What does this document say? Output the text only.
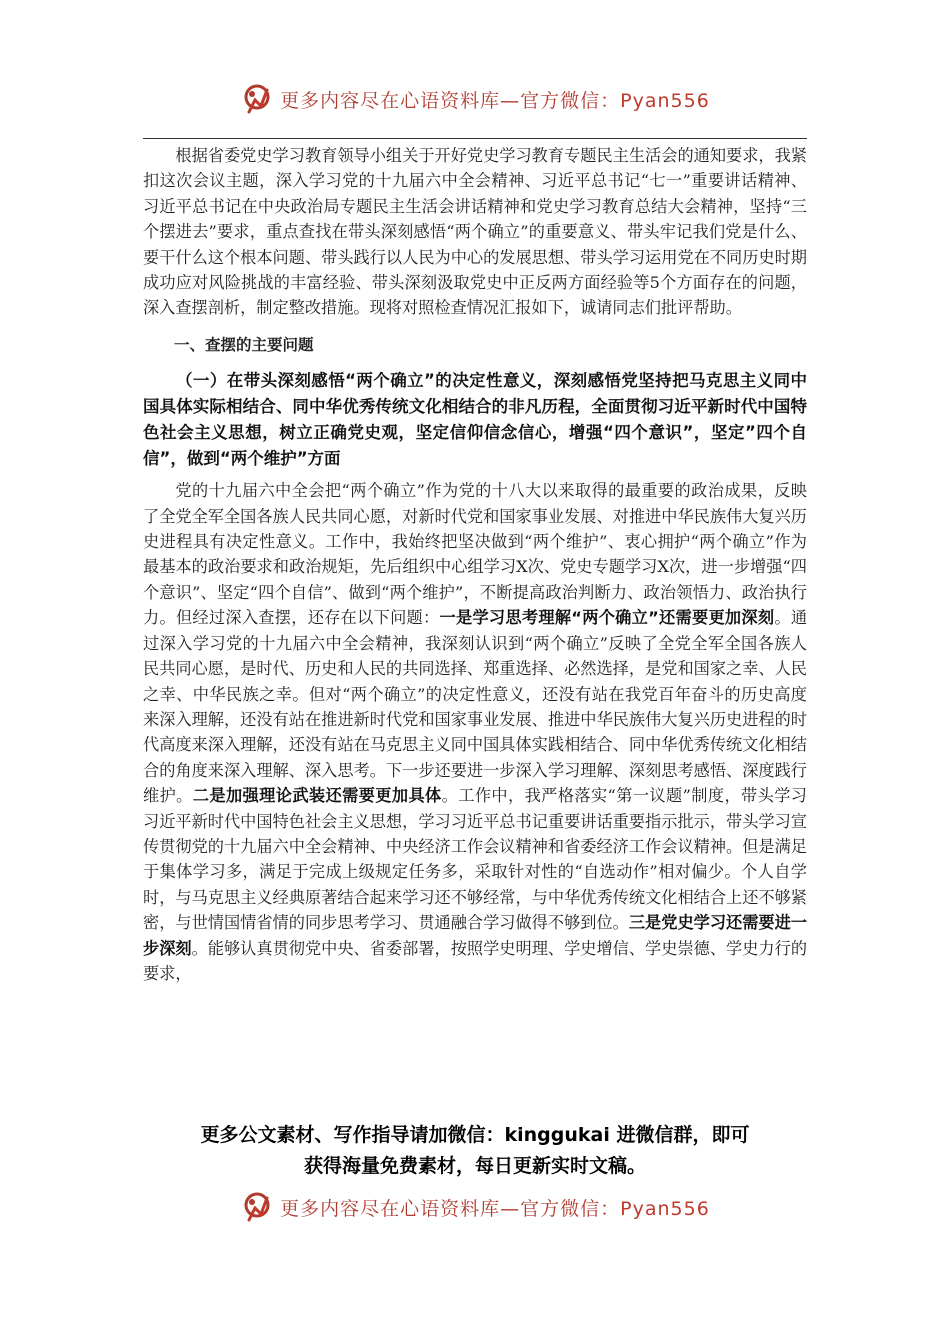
更多内容尽在心语资料库—官方微信：Pyan556

根据省委党史学习教育领导小组关于开好党史学习教育专题民主生活会的通知要求，我紧扣这次会议主题，深入学习党的十九届六中全会精神、习近平总书记“七一”重要讲话精神、习近平总书记在中央政治局专题民主生活会讲话精神和党史学习教育总结大会精神，坚持“三个摆进去”要求，重点查找在带头深刻感悟“两个确立”的重要意义、带头牢记我们党是什么、要干什么这个根本问题、带头践行以人民为中心的发展思想、带头学习运用党在不同历史时期成功应对风险挑战的丰富经验、带头深刻汲取党史中正反两方面经验等5个方面存在的问题，深入查摆剖析，制定整改措施。现将对照检查情况汇报如下，诚请同志们批评帮助。

一、查摆的主要问题

（一）在带头深刻感悟“两个确立”的决定性意义，深刻感悟党坚持把马克思主义同中国具体实际相结合、同中华优秀传统文化相结合的非凡历程，全面贯彻习近平新时代中国特色社会主义思想，树立正确党史观，坚定信仰信念信心，增强“四个意识”，坚定”四个自信”，做到“两个维护”方面

党的十九届六中全会把“两个确立”作为党的十八大以来取得的最重要的政治成果，反映了全党全军全国各族人民共同心愿，对新时代党和国家事业发展、对推进中华民族伟大复兴历史进程具有决定性意义。工作中，我始终把坚决做到“两个维护”、衷心拥护“两个确立”作为最基本的政治要求和政治规矩，先后组织中心组学习X次、党史专题学习X次，进一步增强“四个意识”、坚定“四个自信”、做到“两个维护”，不断提高政治判断力、政治领悟力、政治执行力。但经过深入查摆，还存在以下问题：一是学习思考理解“两个确立”还需要更加深刻。通过深入学习党的十九届六中全会精神，我深刻认识到“两个确立”反映了全党全军全国各族人民共同心愿，是时代、历史和人民的共同选择、郑重选择、必然选择，是党和国家之幸、人民之幸、中华民族之幸。但对“两个确立”的决定性意义，还没有站在我党百年奋斗的历史高度来深入理解，还没有站在推进新时代党和国家事业发展、推进中华民族伟大复兴历史进程的时代高度来深入理解，还没有站在马克思主义同中国具体实践相结合、同中华优秀传统文化相结合的角度来深入理解、深入思考。下一步还要进一步深入学习理解、深刻思考感悟、深度践行维护。二是加强理论武装还需要更加具体。工作中，我严格落实“第一议题”制度，带头学习习近平新时代中国特色社会主义思想，学习习近平总书记重要讲话重要指示批示，带头学习宣传贯彻党的十九届六中全会精神、中央经济工作会议精神和省委经济工作会议精神。但是满足于集体学习多，满足于完成上级规定任务多，采取针对性的“自选动作”相对偏少。个人自学时，与马克思主义经典原著结合起来学习还不够经常，与中华优秀传统文化相结合上还不够紧密，与世情国情省情的同步思考学习、贯通融合学习做得不够到位。三是党史学习还需要进一步深刻。能够认真贯彻党中央、省委部署，按照学史明理、学史增信、学史崇德、学史力行的要求，

更多公文素材、写作指导请加微信：kinggukai 进微信群，即可
获得海量免费素材，每日更新实时文稿。
更多内容尽在心语资料库—官方微信：Pyan556
